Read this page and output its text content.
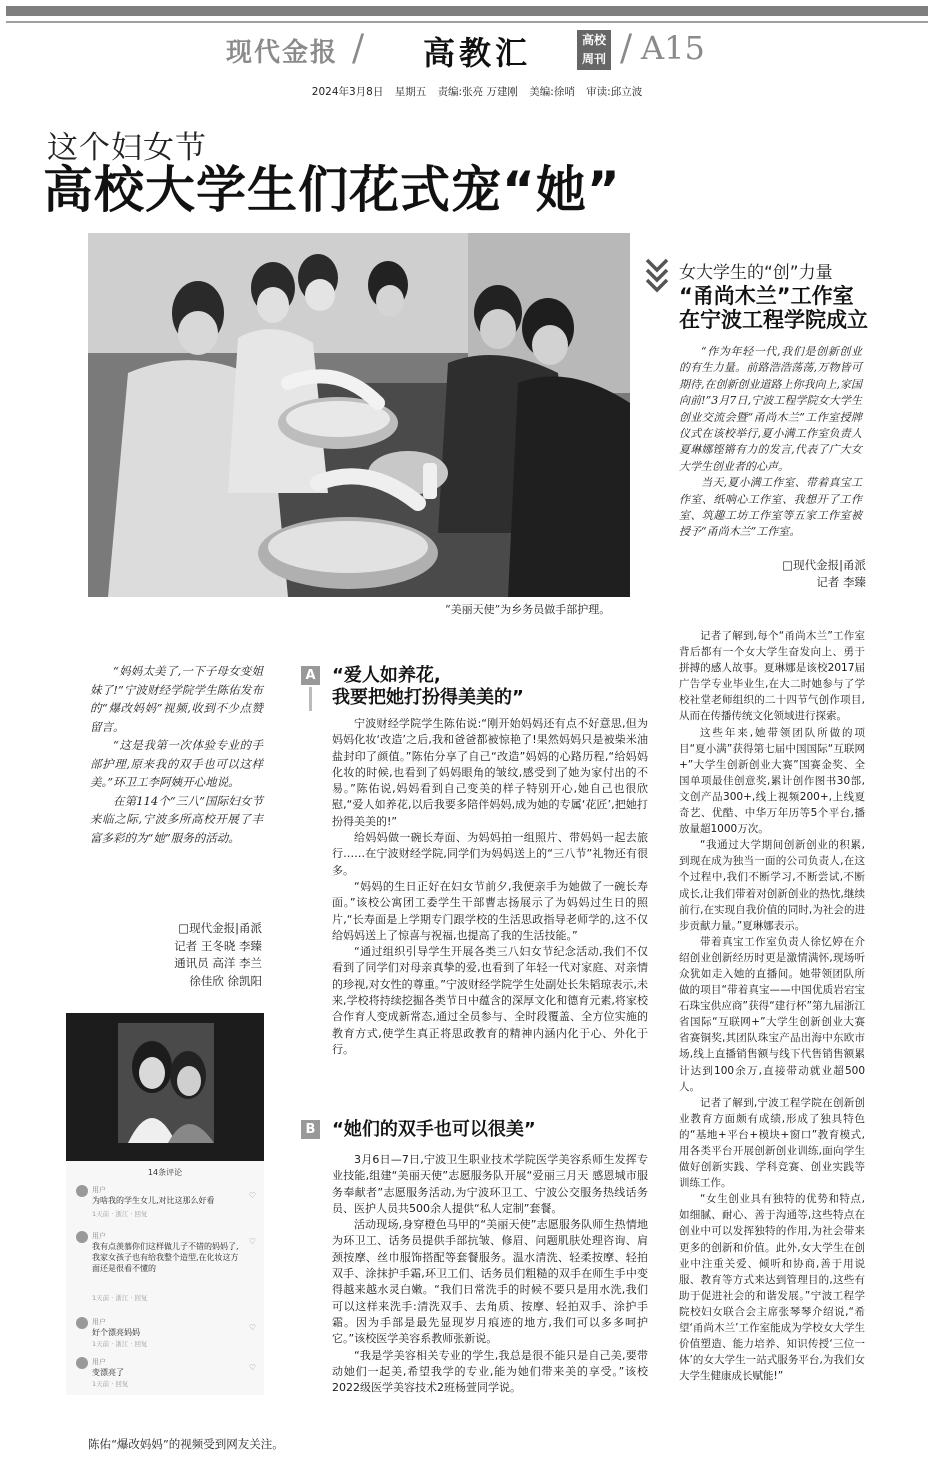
现代金报 / 高教汇	高校
周刊 / A15
2024年3月8日 星期五 责编:张亮 万建刚 美编:徐哨 审读:邱立波
这个妇女节
高校大学生们花式宠“她”
“美丽天使”为乡务员做手部护理。
女大学生的“创”力量
“甬尚木兰”工作室
在宁波工程学院成立

“作为年轻一代,我们是创新创业的有生力量。前路浩浩荡荡,万物皆可期待,在创新创业道路上你我向上,家国向前!”3月7日,宁波工程学院女大学生创业交流会暨“甬尚木兰”工作室授牌仪式在该校举行,夏小满工作室负责人夏琳娜铿锵有力的发言,代表了广大女大学生创业者的心声。

当天,夏小满工作室、带着真宝工作室、纸响心工作室、我想开了工作室、筑趣工坊工作室等五家工作室被授予“甬尚木兰”工作室。

□现代金报|甬派
记者 李臻

记者了解到,每个“甬尚木兰”工作室背后都有一个女大学生奋发向上、勇于拼搏的感人故事。夏琳娜是该校2017届广告学专业毕业生,在大二时她参与了学校社堂老师组织的二十四节气创作项目,从而在传播传统文化领域进行探索。

这些年来,她带领团队所做的项目“夏小满”获得第七届中国国际“互联网+”大学生创新创业大赛”国赛金奖、全国单项最佳创意奖,累计创作图书30部,文创产品300+,线上视频200+,上线夏奇艺、优酷、中华万年历等5个平台,播放量超1000万次。

“我通过大学期间创新创业的积累,到现在成为独当一面的公司负责人,在这个过程中,我们不断学习,不断尝试,不断成长,让我们带着对创新创业的热忱,继续前行,在实现自我价值的同时,为社会的进步贡献力量。”夏琳娜表示。

带着真宝工作室负责人徐忆婷在介绍创业创新经历时更是激情满怀,现场听众犹如走入她的直播间。她带领团队所做的项目“带着真宝——中国优质岩宕宝石珠宝供应商”获得“建行杯”第九届浙江省国际“互联网+”大学生创新创业大赛省赛铜奖,其团队珠宝产品出海中东欧市场,线上直播销售额与线下代售销售额累计达到100余万,直接带动就业超500人。

记者了解到,宁波工程学院在创新创业教育方面颇有成绩,形成了独具特色的“基地+平台+模块+窗口”教育模式,用各类平台开展创新创业训练,面向学生做好创新实践、学科竞赛、创业实践等训练工作。

“女生创业具有独特的优势和特点,如细腻、耐心、善于沟通等,这些特点在创业中可以发挥独特的作用,为社会带来更多的创新和价值。此外,女大学生在创业中注重关爱、倾听和协商,善于用说服、教育等方式来达到管理目的,这些有助于促进社会的和谐发展。”宁波工程学院校妇女联合会主席张琴琴介绍说,“希望‘甬尚木兰’工作室能成为学校女大学生价值塑造、能力培养、知识传授‘三位一体’的女大学生一站式服务平台,为我们女大学生健康成长赋能!”

“妈妈太美了,一下子母女变姐妹了!”宁波财经学院学生陈佑发布的“爆改妈妈”视频,收到不少点赞留言。

“这是我第一次体验专业的手部护理,原来我的双手也可以这样美。”环卫工李阿姨开心地说。

在第114个“三八”国际妇女节来临之际,宁波多所高校开展了丰富多彩的为“她”服务的活动。

□现代金报|甬派
记者 王冬晓 李臻
通讯员 高洋 李兰
徐佳欣 徐凯阳
14条评论
用户
为啥我的学生女儿,对比这那么好看
1天前 · 浙江 · 回复
♡
用户
我有点羡慕你们这样做儿子不错的妈妈了,我家女孩子也有给我整个造型,在化妆这方面还是很看不懂的
1天前 · 浙江 · 回复
♡
用户
好个漂亮妈妈
1天前 · 浙江 · 回复
♡
用户
变漂亮了
1天前 · 回复
♡
陈佑“爆改妈妈”的视频受到网友关注。
A “爱人如养花,
我要把她打扮得美美的”

宁波财经学院学生陈佑说:“刚开始妈妈还有点不好意思,但为妈妈化妆‘改造’之后,我和爸爸都被惊艳了!果然妈妈只是被柴米油盐封印了颜值。”陈佑分享了自己“改造”妈妈的心路历程,“给妈妈化妆的时候,也看到了妈妈眼角的皱纹,感受到了她为家付出的不易。”陈佑说,妈妈看到自己变美的样子特别开心,她自己也很欣慰,“爱人如养花,以后我要多陪伴妈妈,成为她的专属‘花匠’,把她打扮得美美的!”

给妈妈做一碗长寿面、为妈妈拍一组照片、带妈妈一起去旅行……在宁波财经学院,同学们为妈妈送上的“三八节”礼物还有很多。

“妈妈的生日正好在妇女节前夕,我便亲手为她做了一碗长寿面。”该校公寓团工委学生干部曹志扬展示了为妈妈过生日的照片,“长寿面是上学期专门跟学校的生活思政指导老师学的,这不仅给妈妈送上了惊喜与祝福,也提高了我的生活技能。”

“通过组织引导学生开展各类三八妇女节纪念活动,我们不仅看到了同学们对母亲真挚的爱,也看到了年轻一代对家庭、对亲情的珍视,对女性的尊重。”宁波财经学院学生处副处长朱韬琼表示,未来,学校将持续挖掘各类节日中蕴含的深厚文化和德育元素,将家校合作育人变成新常态,通过全员参与、全时段覆盖、全方位实施的教育方式,使学生真正将思政教育的精神内涵内化于心、外化于行。

B “她们的双手也可以很美”

3月6日—7日,宁波卫生职业技术学院医学美容系师生发挥专业技能,组建“美丽天使”志愿服务队开展“爱丽三月天 感恩城市服务奉献者”志愿服务活动,为宁波环卫工、宁波公交服务热线话务员、医护人员共500余人提供“私人定制”套餐。

活动现场,身穿橙色马甲的“美丽天使”志愿服务队师生热情地为环卫工、话务员提供手部抗皱、修眉、问题肌肤处理咨询、肩颈按摩、丝巾服饰搭配等套餐服务。温水清洗、轻柔按摩、轻拍双手、涂抹护手霜,环卫工们、话务员们粗糙的双手在师生手中变得越来越水灵白嫩。“我们日常洗手的时候不要只是用水洗,我们可以这样来洗手:清洗双手、去角质、按摩、轻拍双手、涂护手霜。因为手部是最先显现岁月痕迹的地方,我们可以多多呵护它。”该校医学美容系教师张新说。

“我是学美容相关专业的学生,我总是很不能只是自己美,要带动她们一起美,希望我学的专业,能为她们带来美的享受。”该校2022级医学美容技术2班杨萱同学说。
